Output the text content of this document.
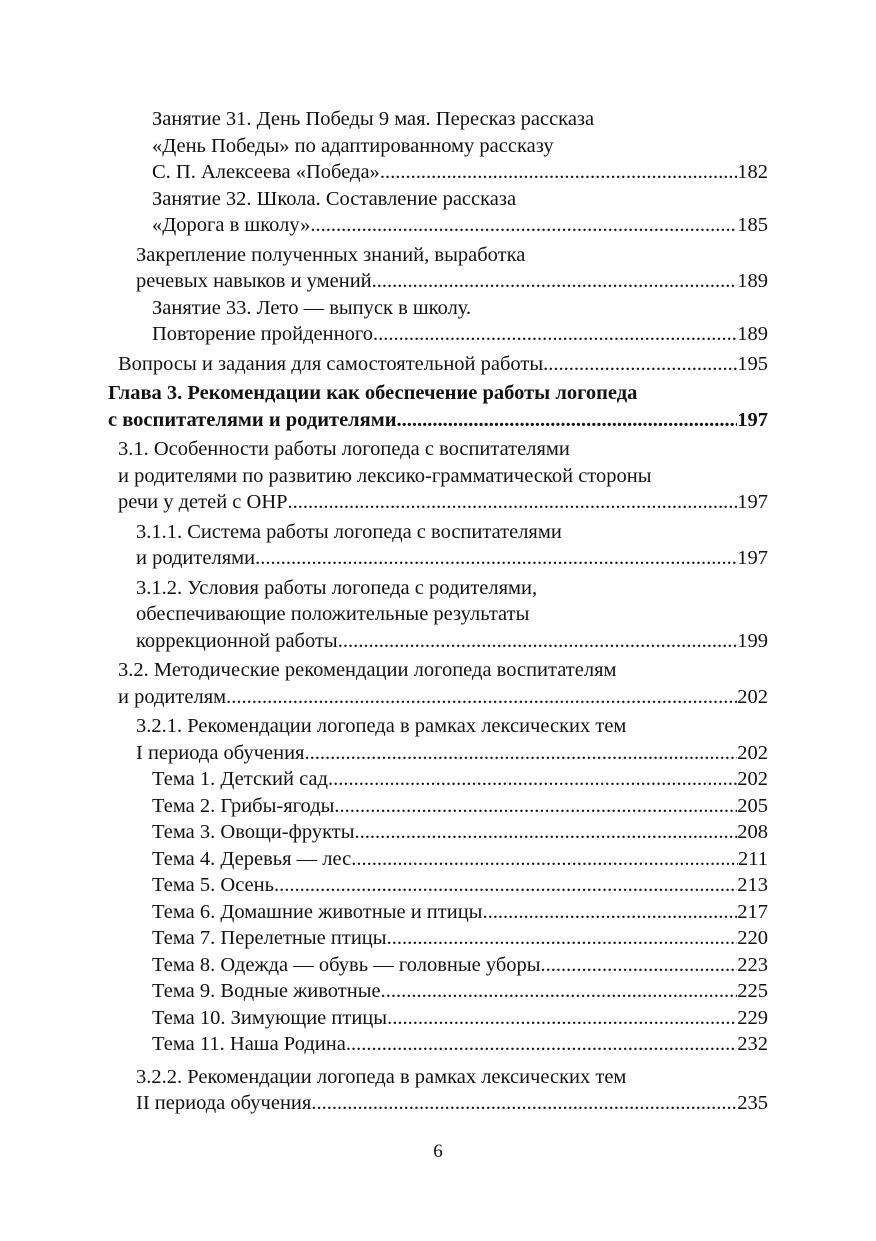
Занятие 31. День Победы 9 мая. Пересказ рассказа
«День Победы» по адаптированному рассказу
С. П. Алексеева «Победа» .....	182
Занятие 32. Школа. Составление рассказа
«Дорога в школу» .....	185
Закрепление полученных знаний, выработка
речевых навыков и умений .....	189
Занятие 33. Лето — выпуск в школу.
Повторение пройденного .....	189
Вопросы и задания для самостоятельной работы .....	195
Глава 3. Рекомендации как обеспечение работы логопеда
с воспитателями и родителями .....	197
3.1. Особенности работы логопеда с воспитателями
и родителями по развитию лексико-грамматической стороны
речи у детей с ОНР .....	197
3.1.1. Система работы логопеда с воспитателями
и родителями .....	197
3.1.2. Условия работы логопеда с родителями,
обеспечивающие положительные результаты
коррекционной работы .....	199
3.2. Методические рекомендации логопеда воспитателям
и родителям .....	202
3.2.1. Рекомендации логопеда в рамках лексических тем
I периода обучения .....	202
Тема 1. Детский сад .....	202
Тема 2. Грибы-ягоды .....	205
Тема 3. Овощи-фрукты .....	208
Тема 4. Деревья — лес .....	211
Тема 5. Осень .....	213
Тема 6. Домашние животные и птицы .....	217
Тема 7. Перелетные птицы .....	220
Тема 8. Одежда — обувь — головные уборы .....	223
Тема 9. Водные животные .....	225
Тема 10. Зимующие птицы .....	229
Тема 11. Наша Родина .....	232
3.2.2. Рекомендации логопеда в рамках лексических тем
II периода обучения .....	235
6
